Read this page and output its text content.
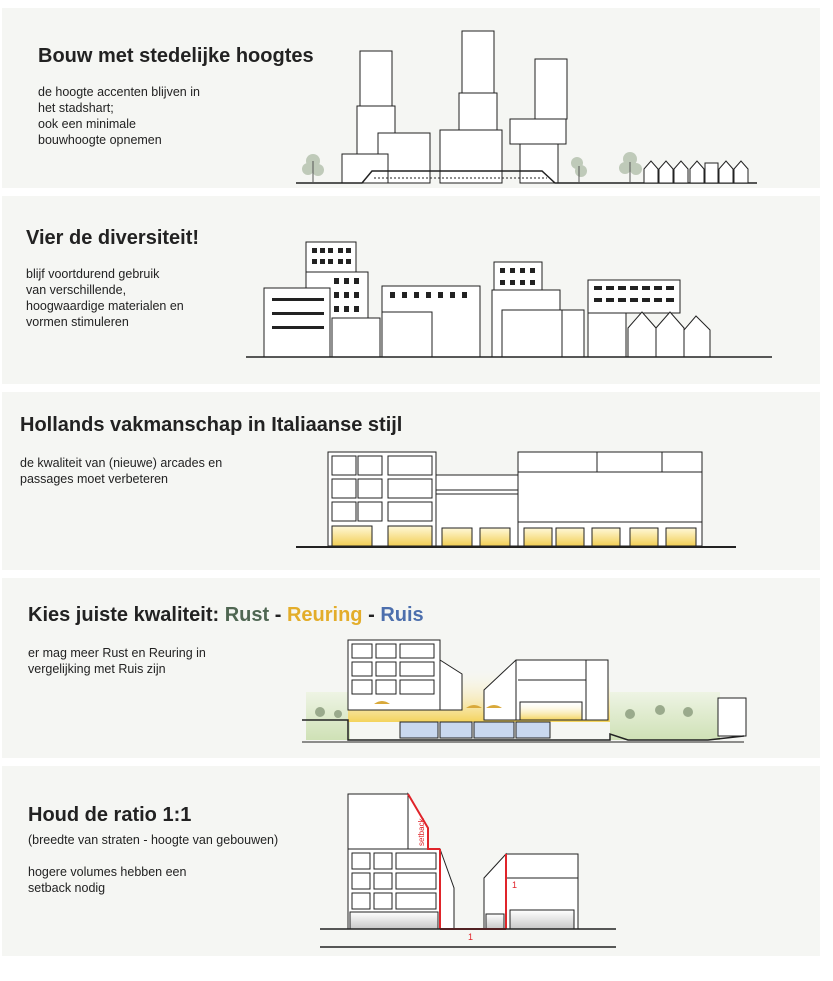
Bouw met stedelijke hoogtes
de hoogte accenten blijven in
het stadshart;
ook een minimale
bouwhoogte opnemen
Vier de diversiteit!
blijf voortdurend gebruik
van verschillende,
hoogwaardige materialen en
vormen stimuleren
Hollands vakmanschap in Italiaanse stijl
de kwaliteit van (nieuwe) arcades en
passages moet verbeteren
Kies juiste kwaliteit: Rust - Reuring - Ruis
er mag meer Rust en Reuring in
vergelijking met Ruis zijn
Houd de ratio 1:1
(breedte van straten - hoogte van gebouwen)
hogere volumes hebben een
setback nodig
setback
1
1
